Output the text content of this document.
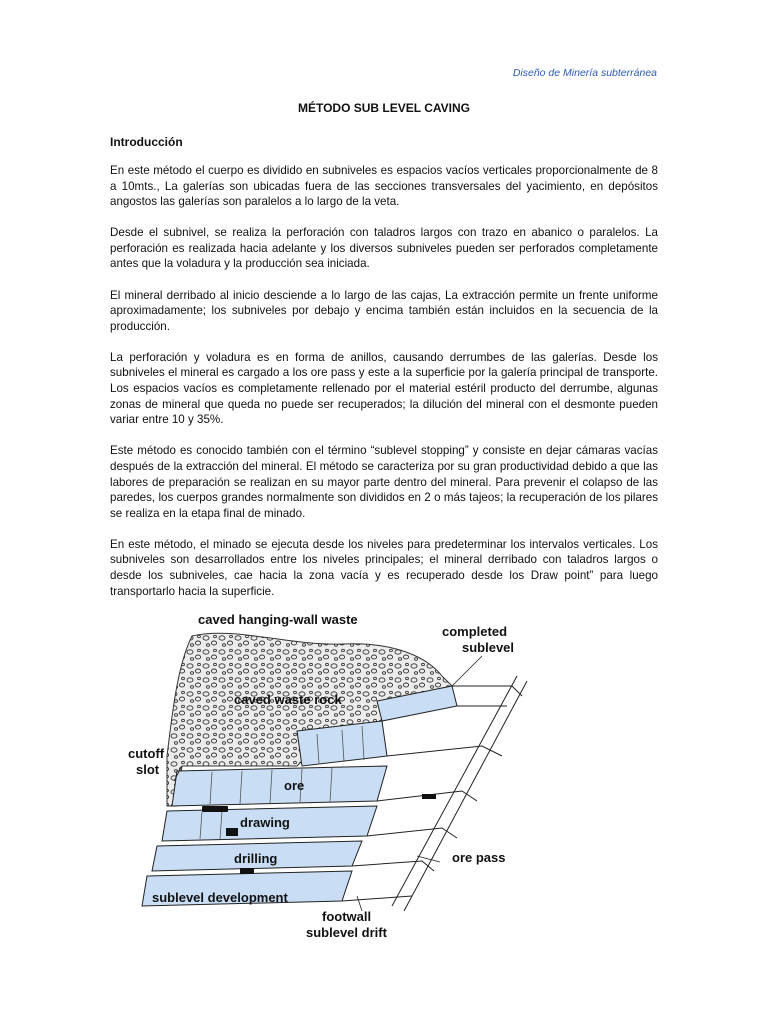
Diseño de Minería subterránea
MÉTODO SUB LEVEL CAVING
Introducción

En este método el cuerpo es dividido en subniveles es espacios vacíos verticales proporcionalmente de 8 a 10mts., La galerías son ubicadas fuera de las secciones transversales del yacimiento, en depósitos angostos las galerías son paralelos a lo largo de la veta.

Desde el subnivel, se realiza la perforación con taladros largos con trazo en abanico o paralelos. La perforación es realizada hacia adelante y los diversos subniveles pueden ser perforados completamente antes que la voladura y la producción sea iniciada.

El mineral derribado al inicio desciende a lo largo de las cajas, La extracción permite un frente uniforme aproximadamente; los subniveles por debajo y encima también están incluidos en la secuencia de la producción.

La perforación y voladura es en forma de anillos, causando derrumbes de las galerías. Desde los subniveles el mineral es cargado a los ore pass y este a la superficie por la galería principal de transporte. Los espacios vacíos es completamente rellenado por el material estéril producto del derrumbe, algunas zonas de mineral que queda no puede ser recuperados; la dilución del mineral con el desmonte pueden variar entre 10 y 35%.

Este método es conocido también con el término “sublevel stopping” y consiste en dejar cámaras vacías después de la extracción del mineral. El método se caracteriza por su gran productividad debido a que las labores de preparación se realizan en su mayor parte dentro del mineral. Para prevenir el colapso de las paredes, los cuerpos grandes normalmente son divididos en 2 o más tajeos; la recuperación de los pilares se realiza en la etapa final de minado.

En este método, el minado se ejecuta desde los niveles para predeterminar los intervalos verticales. Los subniveles son desarrollados entre los niveles principales; el mineral derribado con taladros largos o desde los subniveles, cae hacia la zona vacía y es recuperado desde los Draw point” para luego transportarlo hacia la superficie.

caved hanging-wall waste
completed
sublevel
caved waste rock
cutoff
slot
ore
drawing
drilling
sublevel development
ore pass
footwall
sublevel drift
